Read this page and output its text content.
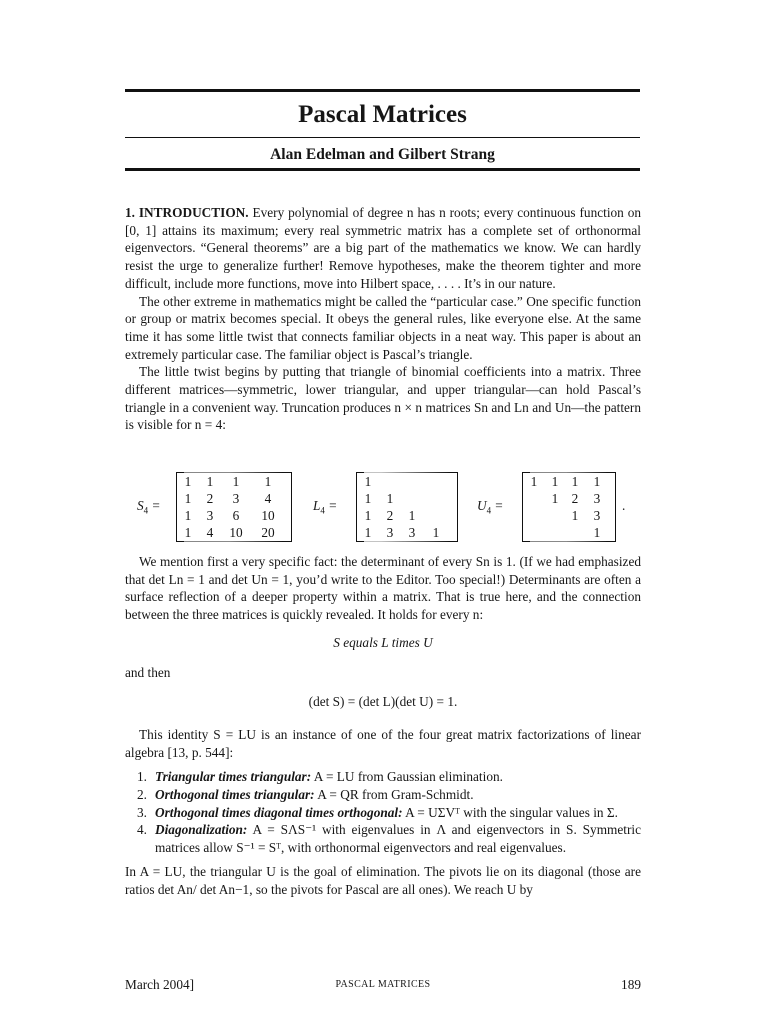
Pascal Matrices
Alan Edelman and Gilbert Strang

1. INTRODUCTION. Every polynomial of degree n has n roots; every continuous function on [0, 1] attains its maximum; every real symmetric matrix has a complete set of orthonormal eigenvectors. “General theorems” are a big part of the mathematics we know. We can hardly resist the urge to generalize further! Remove hypotheses, make the theorem tighter and more difficult, include more functions, move into Hilbert space, . . . . It’s in our nature.

The other extreme in mathematics might be called the “particular case.” One specific function or group or matrix becomes special. It obeys the general rules, like everyone else. At the same time it has some little twist that connects familiar objects in a neat way. This paper is about an extremely particular case. The familiar object is Pascal’s triangle.

The little twist begins by putting that triangle of binomial coefficients into a matrix. Three different matrices—symmetric, lower triangular, and upper triangular—can hold Pascal’s triangle in a convenient way. Truncation produces n × n matrices Sn and Ln and Un—the pattern is visible for n = 4:

$S_4$ =
1	1	1	1
1	2	3	4
1	3	6	10
1	4	10	20
$L_4$ =
1			
1	1		
1	2	1	
1	3	3	1
$U_4$ =
1	1	1	1
	1	2	3
		1	3
			1
.

We mention first a very specific fact: the determinant of every Sn is 1. (If we had emphasized that det Ln = 1 and det Un = 1, you’d write to the Editor. Too special!) Determinants are often a surface reflection of a deeper property within a matrix. That is true here, and the connection between the three matrices is quickly revealed. It holds for every n:

S equals L times U

and then

(det S) = (det L)(det U) = 1.

This identity S = LU is an instance of one of the four great matrix factorizations of linear algebra [13, p. 544]:

1. Triangular times triangular: A = LU from Gaussian elimination.
2. Orthogonal times triangular: A = QR from Gram-Schmidt.
3. Orthogonal times diagonal times orthogonal: A = UΣVᵀ with the singular values in Σ.
4. Diagonalization: A = SΛS⁻¹ with eigenvalues in Λ and eigenvectors in S. Symmetric matrices allow S⁻¹ = Sᵀ, with orthonormal eigenvectors and real eigenvalues.

In A = LU, the triangular U is the goal of elimination. The pivots lie on its diagonal (those are ratios det An/ det An−1, so the pivots for Pascal are all ones). We reach U by

March 2004]	PASCAL MATRICES	189
